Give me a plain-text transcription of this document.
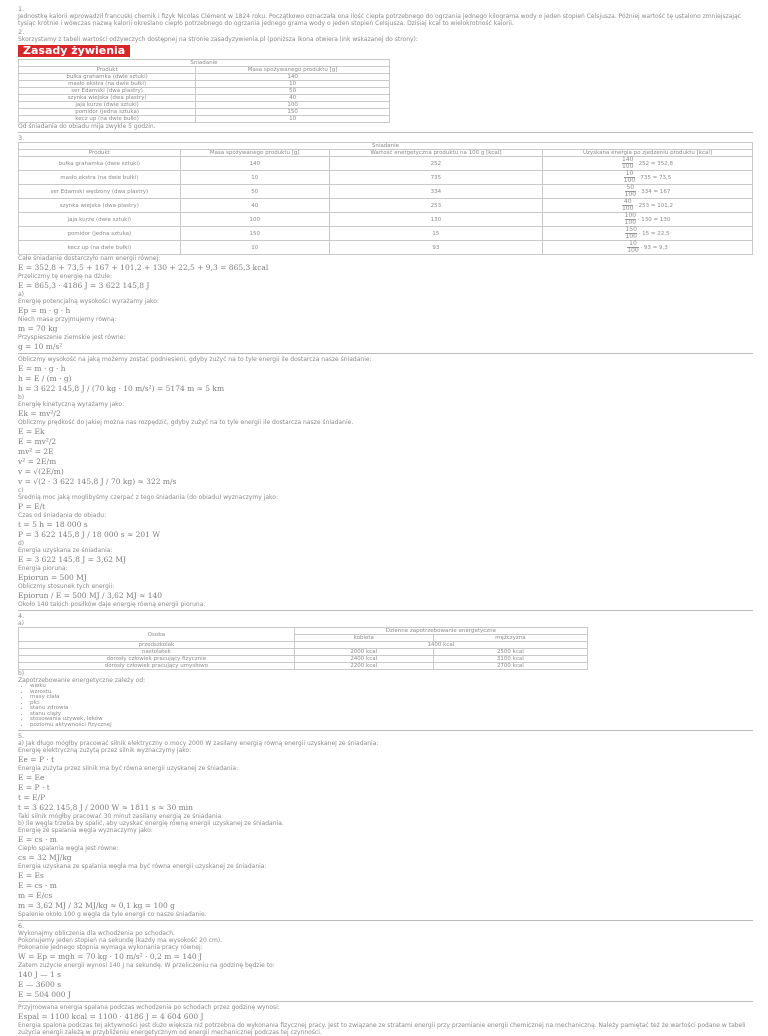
1.

Jednostkę kalorii wprowadził francuski chemik i fizyk Nicolas Clément w 1824 roku. Początkowo oznaczała ona ilość ciepła potrzebnego do ogrzania jednego kilograma wody o jeden stopień Celsjusza. Później wartość tę ustalono zmniejszając tysiąc krotnie i wówczas nazwą kalorii określano ciepło potrzebnego do ogrzania jednego grama wody o jeden stopień Celsjusza. Dzisiaj kcal to wielokrotność kalorii.

2.

Skorzystamy z tabeli wartości odżywczych dostępnej na stronie zasadyzywienia.pl (poniższa ikona otwiera link wskazanej do strony):

Zasady żywienia
Śniadanie	
Produkt	Masa spożywanego produktu [g]
bułka grahamka (dwie sztuki)	140
masło ekstra (na dwie bułki)	10
ser Edamski (dwa plastry)	50
szynka wiejska (dwa plastry)	40
jaja kurze (dwie sztuki)	100
pomidor (jedna sztuka)	150
kecz up (na dwie bułki)	10

Od śniadania do obiadu mija zwykle 5 godzin.

3.

Śniadanie			
Produkt	Masa spożywanego produktu [g]	Wartość energetyczna produktu na 100 g [kcal]	Uzyskana energia po zjedzeniu produktu [kcal]
bułka grahamka (dwie sztuki)	140	252	$\frac{140}{100} \cdot 252 = 352,8$
masło ekstra (na dwie bułki)	10	735	$\frac{10}{100} \cdot 735 = 73,5$
ser Edamski wędzony (dwa plastry)	50	334	$\frac{50}{100} \cdot 334 = 167$
szynka wiejska (dwa plastry)	40	253	$\frac{40}{100} \cdot 253 = 101,2$
jaja kurze (dwie sztuki)	100	130	$\frac{100}{100} \cdot 130 = 130$
pomidor (jedna sztuka)	150	15	$\frac{150}{100} \cdot 15 = 22,5$
kecz up (na dwie bułki)	10	93	$\frac{10}{100} \cdot 93 = 9,3$

Całe śniadanie dostarczyło nam energii równej:

E = 352,8 + 73,5 + 167 + 101,2 + 130 + 22,5 + 9,3 = 865,3 kcal

Przeliczmy tę energię na dżule:

E = 865,3 · 4186 J = 3 622 145,8 J

a)

Energię potencjalną wysokości wyrażamy jako:

Ep = m · g · h

Niech masa przyjmujemy równą:

m = 70 kg

Przyspieszenie ziemskie jest równe:

g = 10 m/s²

Obliczmy wysokość na jaką możemy zostać podniesieni, gdyby zużyć na to tyle energii ile dostarcza nasze śniadanie:

E = m · g · h

h = E / (m · g)

h = 3 622 145,8 J / (70 kg · 10 m/s²) = 5174 m ≈ 5 km

b)

Energię kinetyczną wyrażamy jako:

Ek = mv²/2

Obliczmy prędkość do jakiej można nas rozpędzić, gdyby zużyć na to tyle energii ile dostarcza nasze śniadanie.

E = Ek

E = mv²/2

mv² = 2E

v² = 2E/m

v = √(2E/m)

v = √(2 · 3 622 145,8 J / 70 kg) ≈ 322 m/s

c)

Średnią moc jaką moglibyśmy czerpać z tego śniadania (do obiadu) wyznaczymy jako:

P = E/t

Czas od śniadania do obiadu:

t = 5 h = 18 000 s

P = 3 622 145,8 J / 18 000 s ≈ 201 W

d)

Energia uzyskana ze śniadania:

E = 3 622 145,8 J = 3,62 MJ

Energia pioruna:

Epiorun = 500 MJ

Obliczmy stosunek tych energii:

Epiorun / E = 500 MJ / 3,62 MJ ≈ 140

Około 140 takich posiłków daje energię równą energii pioruna.

4.

a)

Osoba	Dzienne zapotrzebowanie energetyczne	
	kobieta	mężczyzna
przedszkolak	1400 kcal	
nastolatek	2000 kcal	2500 kcal
dorosły człowiek pracujący fizycznie	2400 kcal	3100 kcal
dorosły człowiek pracujący umysłowo	2200 kcal	2700 kcal

b)

Zapotrzebowanie energetyczne zależy od:

• wieku
• wzrostu
• masy ciała
• płci
• stanu zdrowia
• stanu ciąży
• stosowania używek, leków
• poziomu aktywności fizycznej

5.

a) Jak długo mógłby pracować silnik elektryczny o mocy 2000 W zasilany energią równą energii uzyskanej ze śniadania:

Energię elektryczną zużytą przez silnik wyznaczymy jako:

Ee = P · t

Energia zużyta przez silnik ma być równa energii uzyskanej ze śniadania:

E = Ee

E = P · t

t = E/P

t = 3 622 145,8 J / 2000 W ≈ 1811 s ≈ 30 min

Taki silnik mógłby pracować 30 minut zasilany energią ze śniadania.

b) Ile węgla trzeba by spalić, aby uzyskać energię równą energii uzyskanej ze śniadania.

Energię ze spalania węgla wyznaczymy jako:

E = cs · m

Ciepło spalania węgla jest równe:

cs = 32 MJ/kg

Energia uzyskana ze spalania węgla ma być równa energii uzyskanej ze śniadania:

E = Es

E = cs · m

m = E/cs

m = 3,62 MJ / 32 MJ/kg ≈ 0,1 kg = 100 g

Spalenie około 100 g węgla da tyle energii co nasze śniadanie.

6.

Wykonajmy obliczenia dla wchodzenia po schodach.

Pokonujemy jeden stopień na sekundę (każdy ma wysokość 20 cm).

Pokonanie jednego stopnia wymaga wykonania pracy równej:

W = Ep = mgh = 70 kg · 10 m/s² · 0,2 m = 140 J

Zatem zużycie energii wynosi 140 J na sekundę. W przeliczeniu na godzinę będzie to:

140 J — 1 s

E — 3600 s

E = 504 000 J

Przyjmowana energia spalana podczas wchodzenia po schodach przez godzinę wynosi:

Espal = 1100 kcal = 1100 · 4186 J = 4 604 600 J

Energia spalona podczas tej aktywności jest dużo większa niż potrzebna do wykonania fizycznej pracy. Jest to związane ze stratami energii przy przemianie energii chemicznej na mechaniczną. Należy pamiętać też że wartości podane w tabeli zużycia energii zależą w przybliżeniu energetycznym od energii mechanicznej podczas tej czynności.
